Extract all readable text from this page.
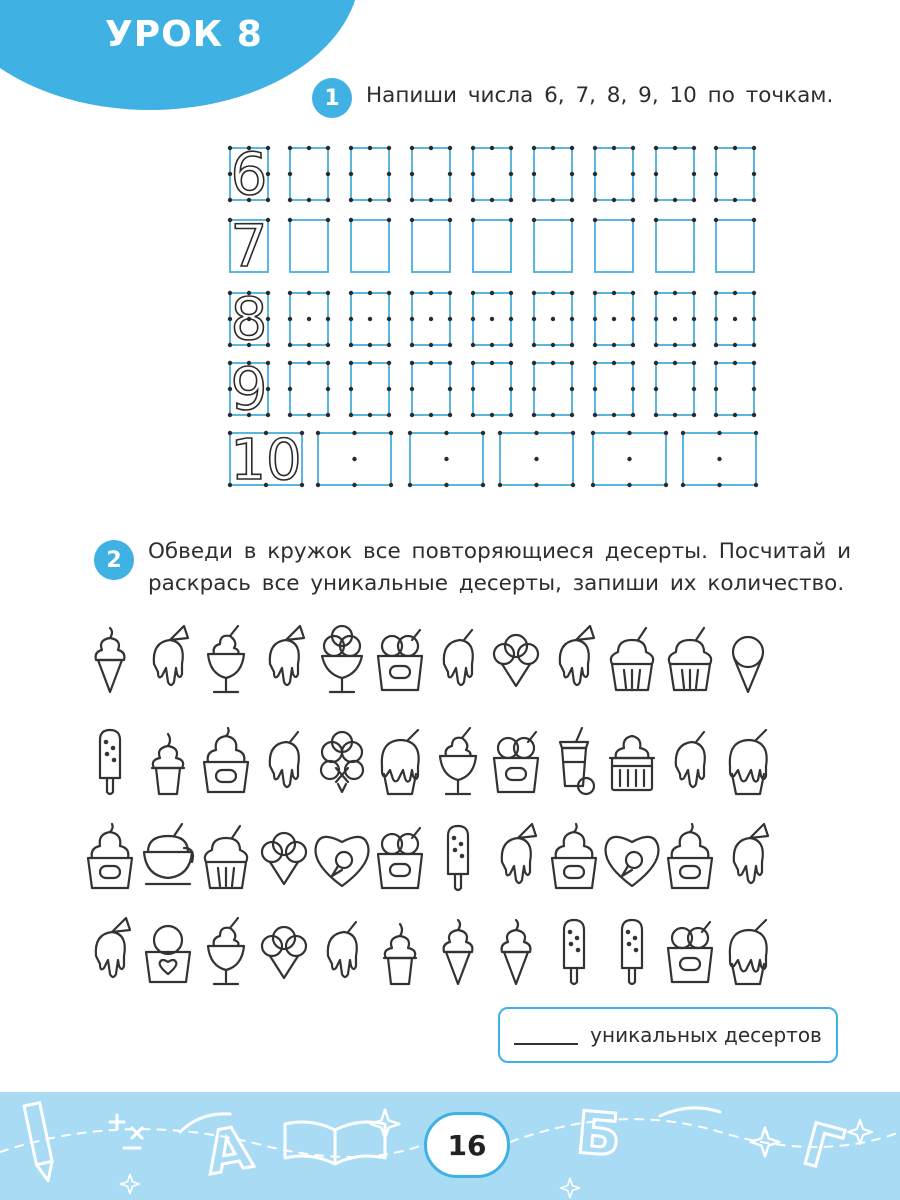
УРОК 8
1	Напиши числа 6, 7, 8, 9, 10 по точкам.
6
7
8
9
10
2	Обведи в кружок все повторяющиеся десерты. Посчитай и
раскрась все уникальные десерты, запиши их количество.
уникальных десертов
A	Б	Г
16
